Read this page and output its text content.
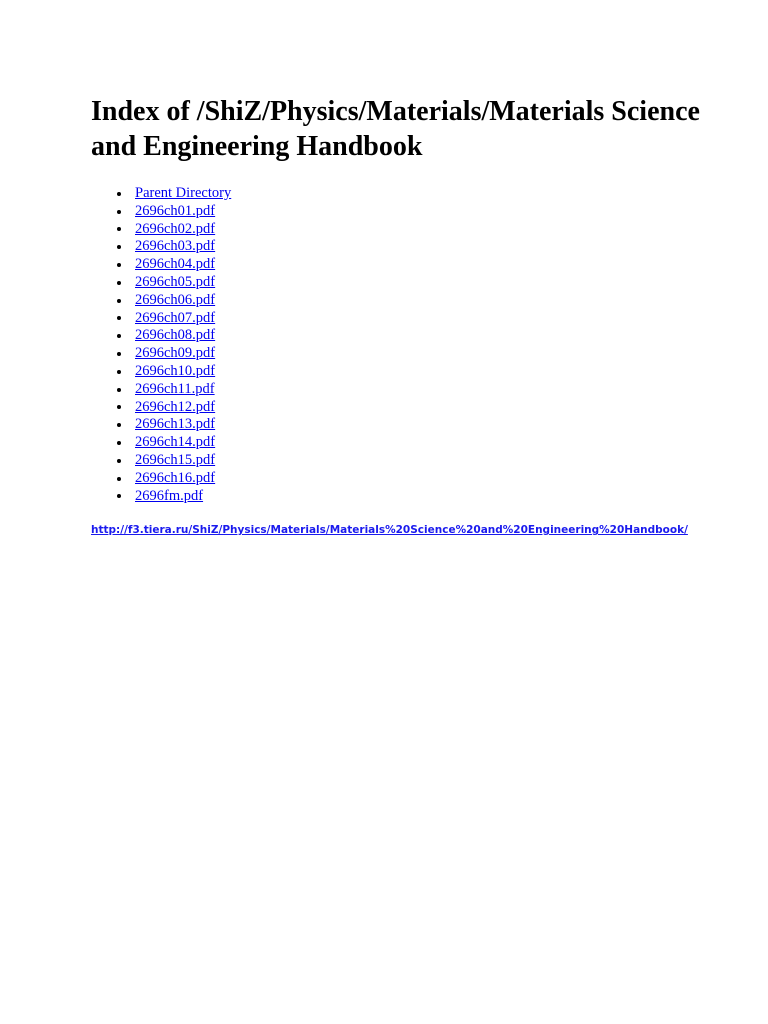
Index of /ShiZ/Physics/Materials/Materials Science and Engineering Handbook
Parent Directory
2696ch01.pdf
2696ch02.pdf
2696ch03.pdf
2696ch04.pdf
2696ch05.pdf
2696ch06.pdf
2696ch07.pdf
2696ch08.pdf
2696ch09.pdf
2696ch10.pdf
2696ch11.pdf
2696ch12.pdf
2696ch13.pdf
2696ch14.pdf
2696ch15.pdf
2696ch16.pdf
2696fm.pdf
http://f3.tiera.ru/ShiZ/Physics/Materials/Materials%20Science%20and%20Engineering%20Handbook/
